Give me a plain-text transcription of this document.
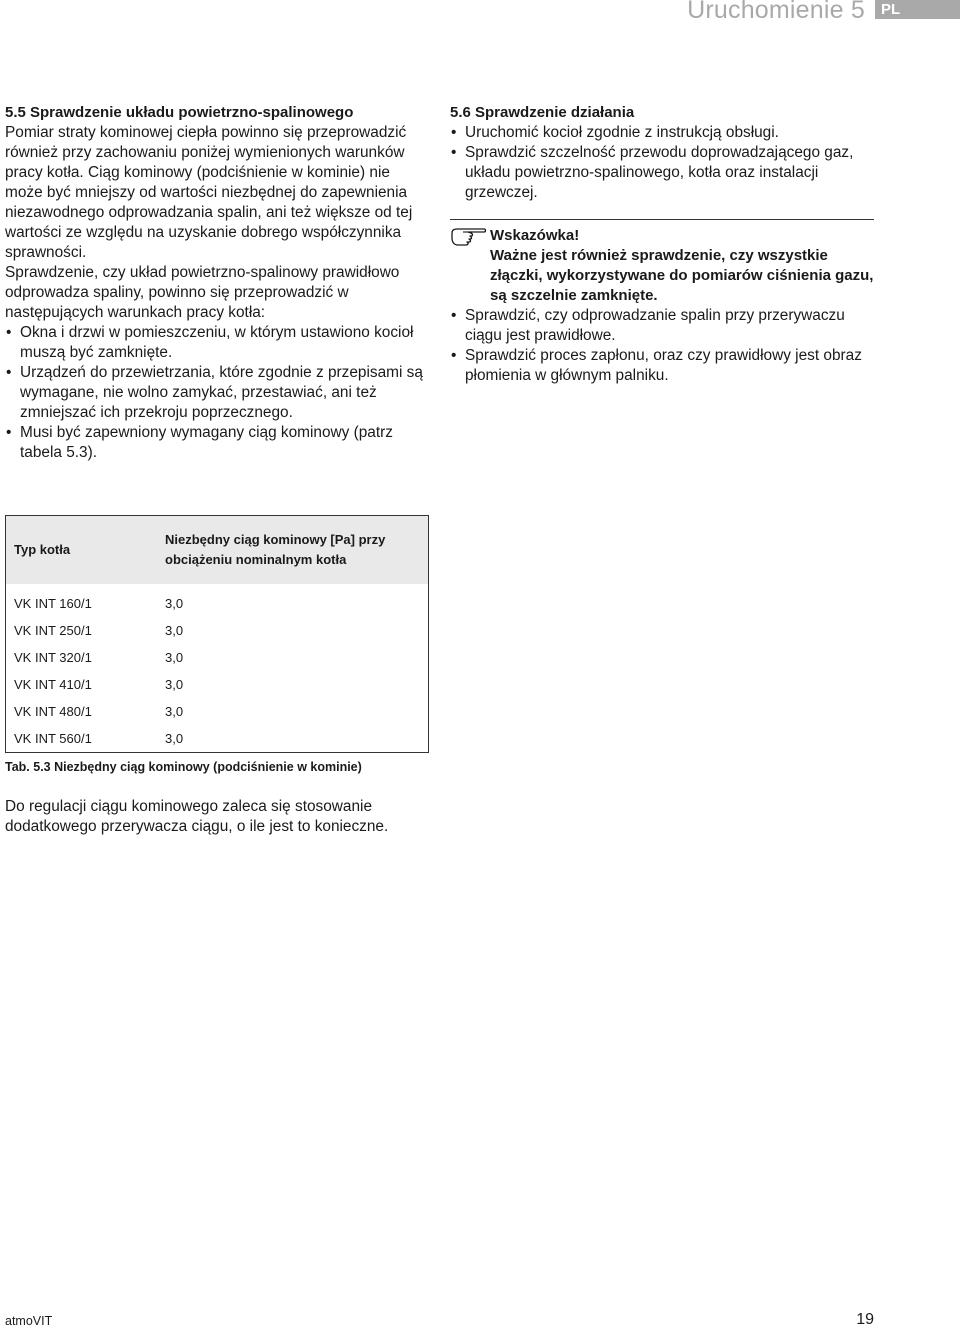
Uruchomienie 5	PL

5.5 Sprawdzenie układu powietrzno-spalinowego

Pomiar straty kominowej ciepła powinno się przeprowadzić również przy zachowaniu poniżej wymienionych warunków pracy kotła. Ciąg kominowy (podciśnienie w kominie) nie może być mniejszy od wartości niezbędnej do zapewnienia niezawodnego odprowadzania spalin, ani też większe od tej wartości ze względu na uzyskanie dobrego współczynnika sprawności.

Sprawdzenie, czy układ powietrzno-spalinowy prawidłowo odprowadza spaliny, powinno się przeprowadzić w następujących warunkach pracy kotła:

• Okna i drzwi w pomieszczeniu, w którym ustawiono kocioł muszą być zamknięte.
• Urządzeń do przewietrzania, które zgodnie z przepisami są wymagane, nie wolno zamykać, przestawiać, ani też zmniejszać ich przekroju poprzecznego.
• Musi być zapewniony wymagany ciąg kominowy (patrz tabela 5.3).

5.6 Sprawdzenie działania

• Uruchomić kocioł zgodnie z instrukcją obsługi.
• Sprawdzić szczelność przewodu doprowadzającego gaz, układu powietrzno-spalinowego, kotła oraz instalacji grzewczej.
Wskazówka!
Ważne jest również sprawdzenie, czy wszystkie złączki, wykorzystywane do pomiarów ciśnienia gazu, są szczelnie zamknięte.
• Sprawdzić, czy odprowadzanie spalin przy przerywaczu ciągu jest prawidłowe.
• Sprawdzić proces zapłonu, oraz czy prawidłowy jest obraz płomienia w głównym palniku.
Typ kotła	Niezbędny ciąg kominowy [Pa] przy obciążeniu nominalnym kotła
VK INT 160/1	3,0
VK INT 250/1	3,0
VK INT 320/1	3,0
VK INT 410/1	3,0
VK INT 480/1	3,0
VK INT 560/1	3,0
Tab. 5.3 Niezbędny ciąg kominowy (podciśnienie w kominie)

Do regulacji ciągu kominowego zaleca się stosowanie dodatkowego przerywacza ciągu, o ile jest to konieczne.

atmoVIT	19
